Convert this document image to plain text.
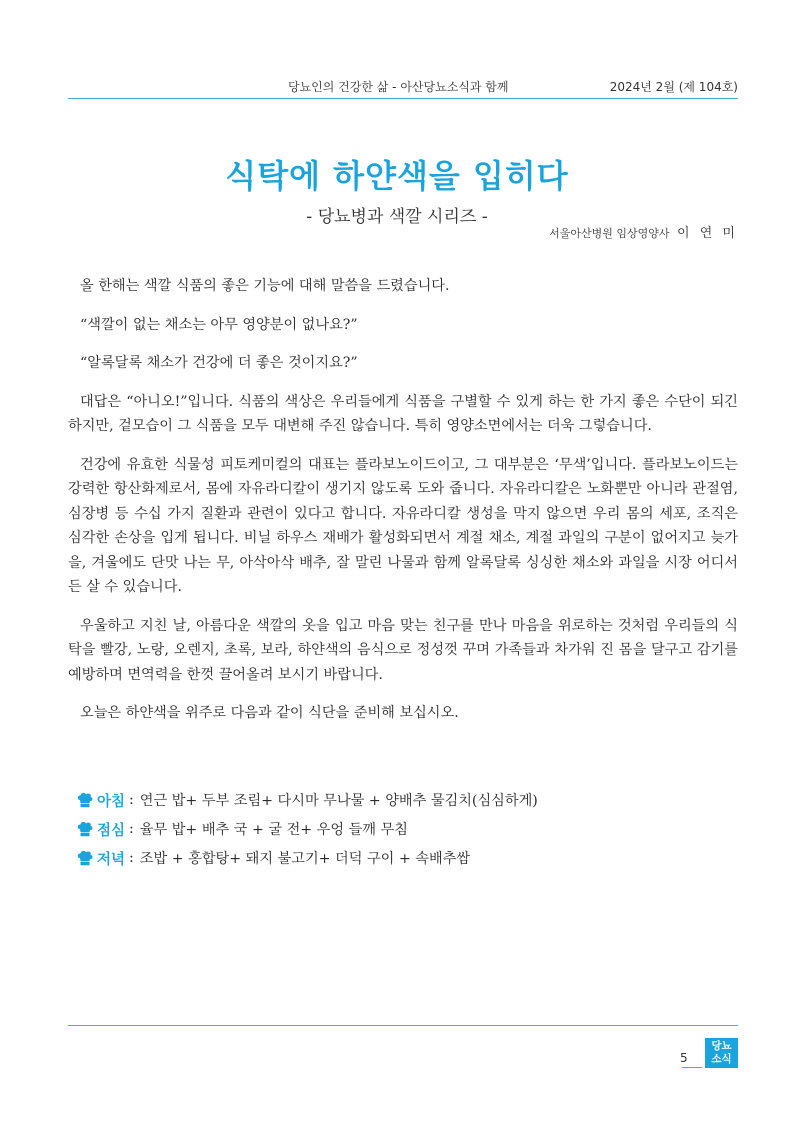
당뇨인의 건강한 삶 - 아산당뇨소식과 함께	2024년 2월 (제 104호)
식탁에 하얀색을 입히다
- 당뇨병과 색깔 시리즈 -
서울아산병원 임상영양사 이 연 미

올 한해는 색깔 식품의 좋은 기능에 대해 말씀을 드렸습니다.

“색깔이 없는 채소는 아무 영양분이 없나요?”

“알록달록 채소가 건강에 더 좋은 것이지요?”

대답은 “아니오!”입니다. 식품의 색상은 우리들에게 식품을 구별할 수 있게 하는 한 가지 좋은 수단이 되긴 하지만, 겉모습이 그 식품을 모두 대변해 주진 않습니다. 특히 영양소면에서는 더욱 그렇습니다.

건강에 유효한 식물성 피토케미컬의 대표는 플라보노이드이고, 그 대부분은 ‘무색’입니다. 플라보노이드는 강력한 항산화제로서, 몸에 자유라디칼이 생기지 않도록 도와 줍니다. 자유라디칼은 노화뿐만 아니라 관절염, 심장병 등 수십 가지 질환과 관련이 있다고 합니다. 자유라디칼 생성을 막지 않으면 우리 몸의 세포, 조직은 심각한 손상을 입게 됩니다. 비닐 하우스 재배가 활성화되면서 계절 채소, 계절 과일의 구분이 없어지고 늦가을, 겨울에도 단맛 나는 무, 아삭아삭 배추, 잘 말린 나물과 함께 알록달록 싱싱한 채소와 과일을 시장 어디서든 살 수 있습니다.

우울하고 지친 날, 아름다운 색깔의 옷을 입고 마음 맞는 친구를 만나 마음을 위로하는 것처럼 우리들의 식탁을 빨강, 노랑, 오렌지, 초록, 보라, 하얀색의 음식으로 정성껏 꾸며 가족들과 차가워 진 몸을 달구고 감기를 예방하며 면역력을 한껏 끌어올려 보시기 바랍니다.

오늘은 하얀색을 위주로 다음과 같이 식단을 준비해 보십시오.

아침 : 연근 밥+ 두부 조림+ 다시마 무나물 + 양배추 물김치(심심하게)
점심 : 율무 밥+ 배추 국 + 굴 전+ 우엉 들깨 무침
저녁 : 조밥 + 홍합탕+ 돼지 불고기+ 더덕 구이 + 속배추쌈
5
당뇨
소식
